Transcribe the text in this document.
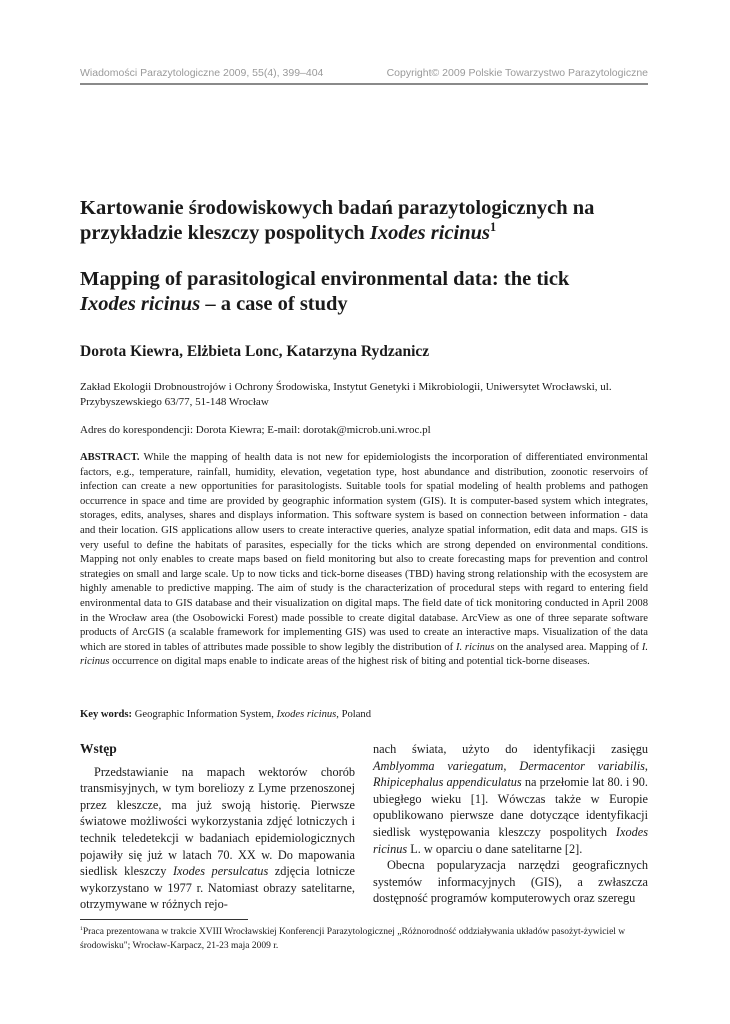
Wiadomości Parazytologiczne 2009, 55(4), 399–404	Copyright© 2009 Polskie Towarzystwo Parazytologiczne
Kartowanie środowiskowych badań parazytologicznych na przykładzie kleszczy pospolitych Ixodes ricinus$^1$
Mapping of parasitological environmental data: the tick
Ixodes ricinus – a case of study
Dorota Kiewra, Elżbieta Lonc, Katarzyna Rydzanicz
Zakład Ekologii Drobnoustrojów i Ochrony Środowiska, Instytut Genetyki i Mikrobiologii, Uniwersytet Wrocławski, ul. Przybyszewskiego 63/77, 51-148 Wrocław
Adres do korespondencji: Dorota Kiewra; E-mail: dorotak@microb.uni.wroc.pl
ABSTRACT. While the mapping of health data is not new for epidemiologists the incorporation of differentiated environmental factors, e.g., temperature, rainfall, humidity, elevation, vegetation type, host abundance and distribution, zoonotic reservoirs of infection can create a new opportunities for parasitologists. Suitable tools for spatial modeling of health problems and pathogen occurrence in space and time are provided by geographic information system (GIS). It is computer-based system which integrates, storages, edits, analyses, shares and displays information. This software system is based on connection between information - data and their location. GIS applications allow users to create interactive queries, analyze spatial information, edit data and maps. GIS is very useful to define the habitats of parasites, especially for the ticks which are strong depended on environmental conditions. Mapping not only enables to create maps based on field monitoring but also to create forecasting maps for prevention and control strategies on small and large scale. Up to now ticks and tick-borne diseases (TBD) having strong relationship with the ecosystem are highly amenable to predictive mapping. The aim of study is the characterization of procedural steps with regard to entering field environmental data to GIS database and their visualization on digital maps. The field date of tick monitoring conducted in April 2008 in the Wrocław area (the Osobowicki Forest) made possible to create digital database. ArcView as one of three separate software products of ArcGIS (a scalable framework for implementing GIS) was used to create an interactive maps. Visualization of the data which are stored in tables of attributes made possible to show legibly the distribution of I. ricinus on the analysed area. Mapping of I. ricinus occurrence on digital maps enable to indicate areas of the highest risk of biting and potential tick-borne diseases.
Key words: Geographic Information System, Ixodes ricinus, Poland
Wstęp

Przedstawianie na mapach wektorów chorób transmisyjnych, w tym boreliozy z Lyme przenoszonej przez kleszcze, ma już swoją historię. Pierwsze światowe możliwości wykorzystania zdjęć lotniczych i technik teledetekcji w badaniach epidemiologicznych pojawiły się już w latach 70. XX w. Do mapowania siedlisk kleszczy Ixodes persulcatus zdjęcia lotnicze wykorzystano w 1977 r. Natomiast obrazy satelitarne, otrzymywane w różnych rejo-

nach świata, użyto do identyfikacji zasięgu Amblyomma variegatum, Dermacentor variabilis, Rhipicephalus appendiculatus na przełomie lat 80. i 90. ubiegłego wieku [1]. Wówczas także w Europie opublikowano pierwsze dane dotyczące identyfikacji siedlisk występowania kleszczy pospolitych Ixodes ricinus L. w oparciu o dane satelitarne [2].

Obecna popularyzacja narzędzi geograficznych systemów informacyjnych (GIS), a zwłaszcza dostępność programów komputerowych oraz szeregu

$^1$Praca prezentowana w trakcie XVIII Wrocławskiej Konferencji Parazytologicznej „Różnorodność oddziaływania układów pasożyt-żywiciel w środowisku"; Wrocław-Karpacz, 21-23 maja 2009 r.
